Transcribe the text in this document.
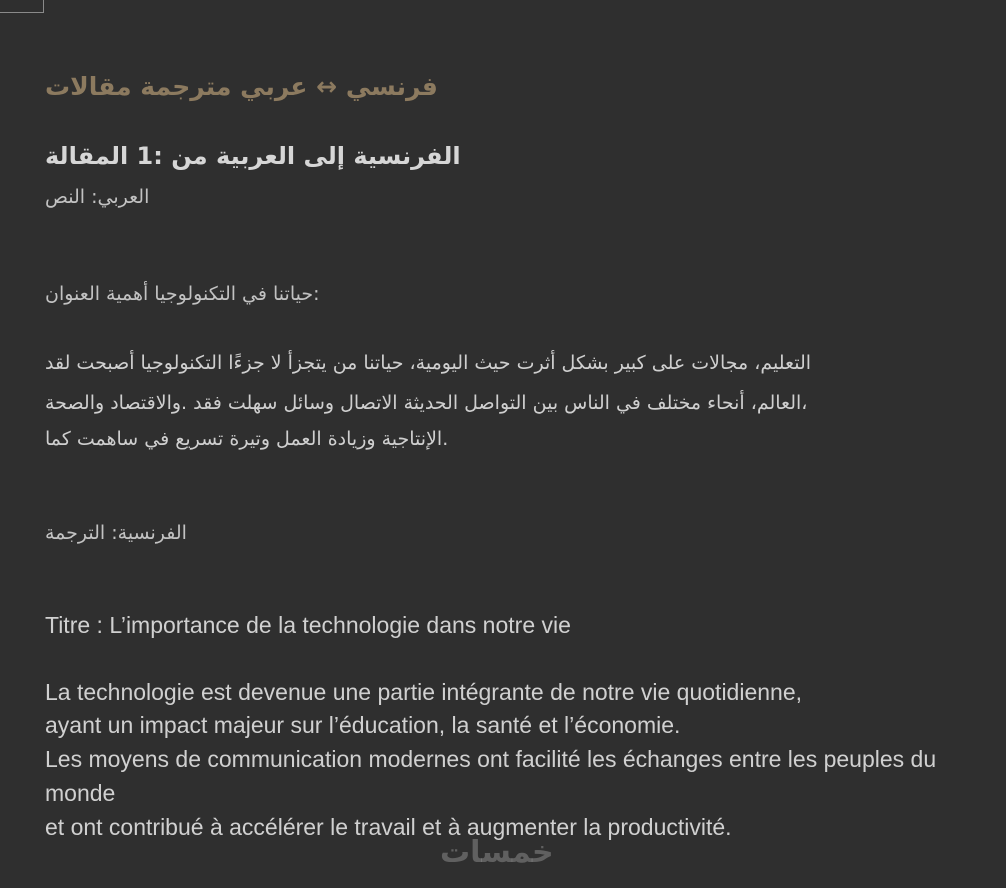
فرنسي ↔ عربي مترجمة مقالات
الفرنسية إلى العربية من :1 المقالة
العربي: النص
حياتنا في التكنولوجيا أهمية العنوان:
التعليم، مجالات على كبير بشكل أثرت حيث اليومية، حياتنا من يتجزأ لا جزءًا التكنولوجيا أصبحت لقد
العالم، أنحاء مختلف في الناس بين التواصل الحديثة الاتصال وسائل سهلت فقد .والاقتصاد والصحة،
الإنتاجية وزيادة العمل وتيرة تسريع في ساهمت كما.
الفرنسية: الترجمة
Titre : L’importance de la technologie dans notre vie
La technologie est devenue une partie intégrante de notre vie quotidienne,
ayant un impact majeur sur l’éducation, la santé et l’économie.
Les moyens de communication modernes ont facilité les échanges entre les peuples du
monde
et ont contribué à accélérer le travail et à augmenter la productivité.
خمسات
